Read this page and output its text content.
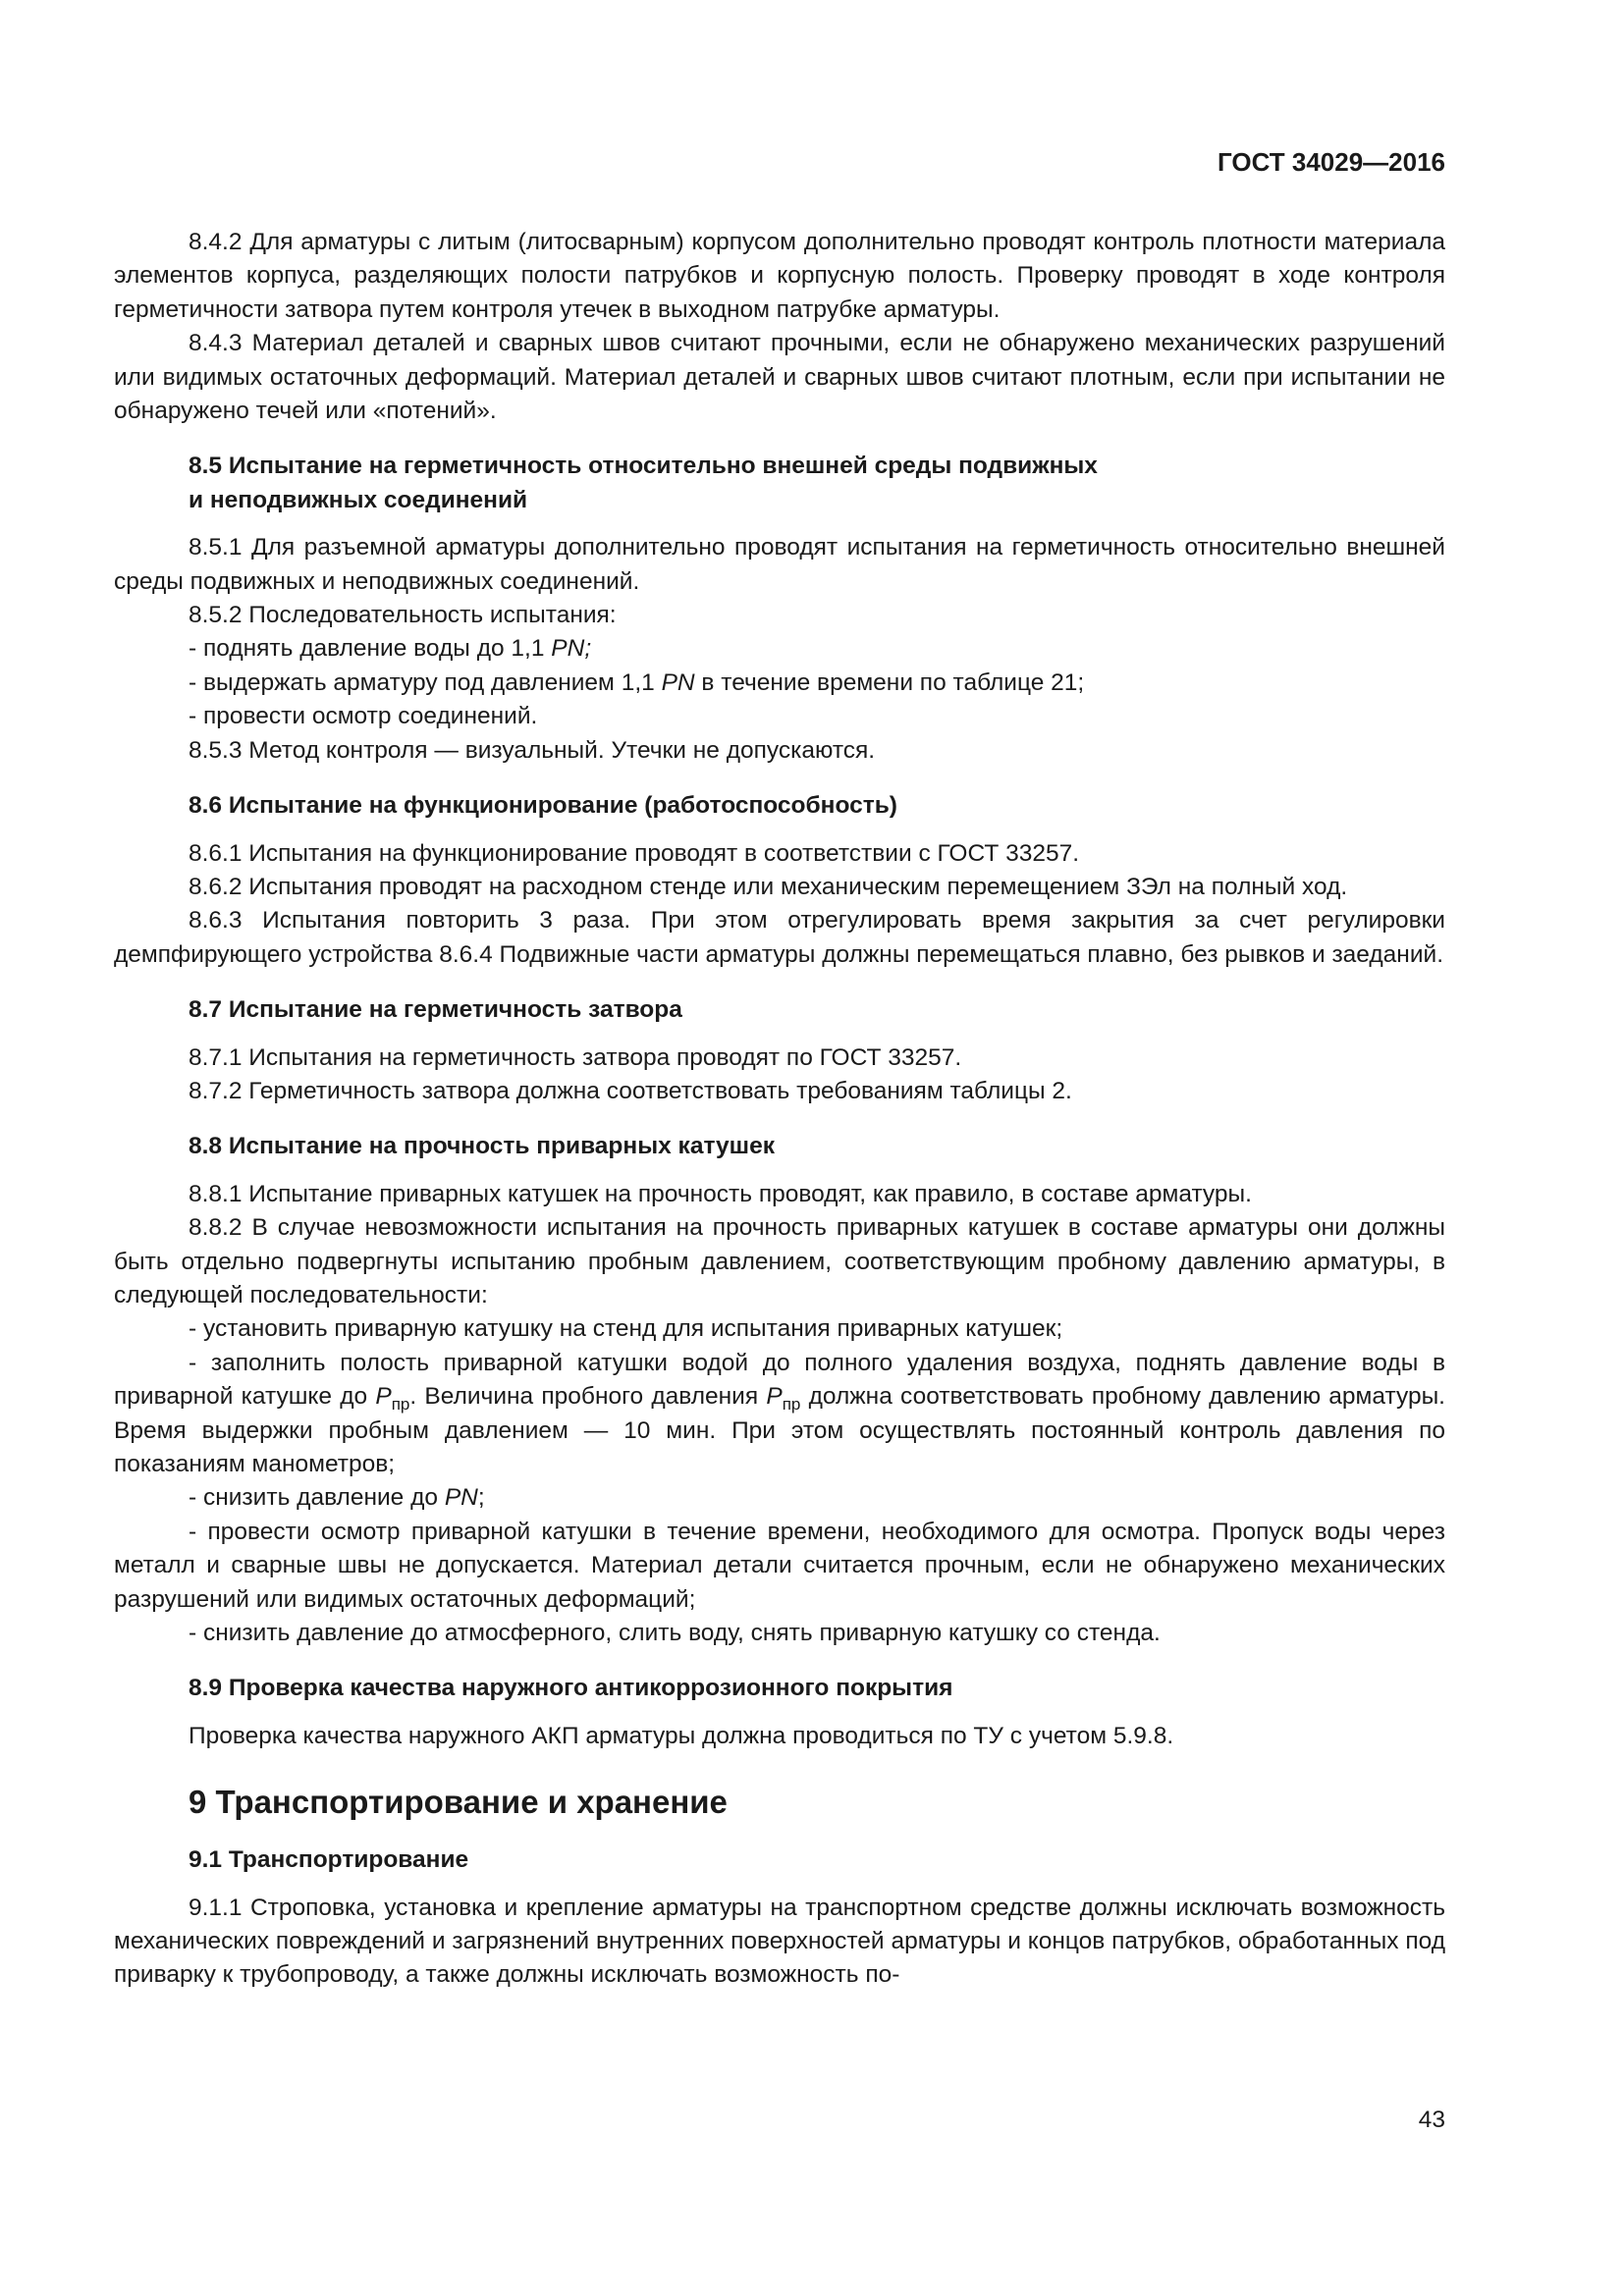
ГОСТ 34029—2016

8.4.2 Для арматуры с литым (литосварным) корпусом дополнительно проводят контроль плотности материала элементов корпуса, разделяющих полости патрубков и корпусную полость. Проверку проводят в ходе контроля герметичности затвора путем контроля утечек в выходном патрубке арматуры.

8.4.3 Материал деталей и сварных швов считают прочными, если не обнаружено механических разрушений или видимых остаточных деформаций. Материал деталей и сварных швов считают плотным, если при испытании не обнаружено течей или «потений».

8.5 Испытание на герметичность относительно внешней среды подвижных
и неподвижных соединений

8.5.1 Для разъемной арматуры дополнительно проводят испытания на герметичность относительно внешней среды подвижных и неподвижных соединений.

8.5.2 Последовательность испытания:

- поднять давление воды до 1,1 PN;

- выдержать арматуру под давлением 1,1 PN в течение времени по таблице 21;

- провести осмотр соединений.

8.5.3 Метод контроля — визуальный. Утечки не допускаются.

8.6 Испытание на функционирование (работоспособность)

8.6.1 Испытания на функционирование проводят в соответствии с ГОСТ 33257.

8.6.2 Испытания проводят на расходном стенде или механическим перемещением ЗЭл на полный ход.

8.6.3 Испытания повторить 3 раза. При этом отрегулировать время закрытия за счет регулировки демпфирующего устройства 8.6.4 Подвижные части арматуры должны перемещаться плавно, без рывков и заеданий.

8.7 Испытание на герметичность затвора

8.7.1 Испытания на герметичность затвора проводят по ГОСТ 33257.

8.7.2 Герметичность затвора должна соответствовать требованиям таблицы 2.

8.8 Испытание на прочность приварных катушек

8.8.1 Испытание приварных катушек на прочность проводят, как правило, в составе арматуры.

8.8.2 В случае невозможности испытания на прочность приварных катушек в составе арматуры они должны быть отдельно подвергнуты испытанию пробным давлением, соответствующим пробному давлению арматуры, в следующей последовательности:

- установить приварную катушку на стенд для испытания приварных катушек;

- заполнить полость приварной катушки водой до полного удаления воздуха, поднять давление воды в приварной катушке до $P_{пр}$. Величина пробного давления $P_{пр}$ должна соответствовать пробному давлению арматуры. Время выдержки пробным давлением — 10 мин. При этом осуществлять постоянный контроль давления по показаниям манометров;

- снизить давление до PN;

- провести осмотр приварной катушки в течение времени, необходимого для осмотра. Пропуск воды через металл и сварные швы не допускается. Материал детали считается прочным, если не обнаружено механических разрушений или видимых остаточных деформаций;

- снизить давление до атмосферного, слить воду, снять приварную катушку со стенда.

8.9 Проверка качества наружного антикоррозионного покрытия

Проверка качества наружного АКП арматуры должна проводиться по ТУ с учетом 5.9.8.

9 Транспортирование и хранение

9.1 Транспортирование

9.1.1 Строповка, установка и крепление арматуры на транспортном средстве должны исключать возможность механических повреждений и загрязнений внутренних поверхностей арматуры и концов патрубков, обработанных под приварку к трубопроводу, а также должны исключать возможность по-

43
